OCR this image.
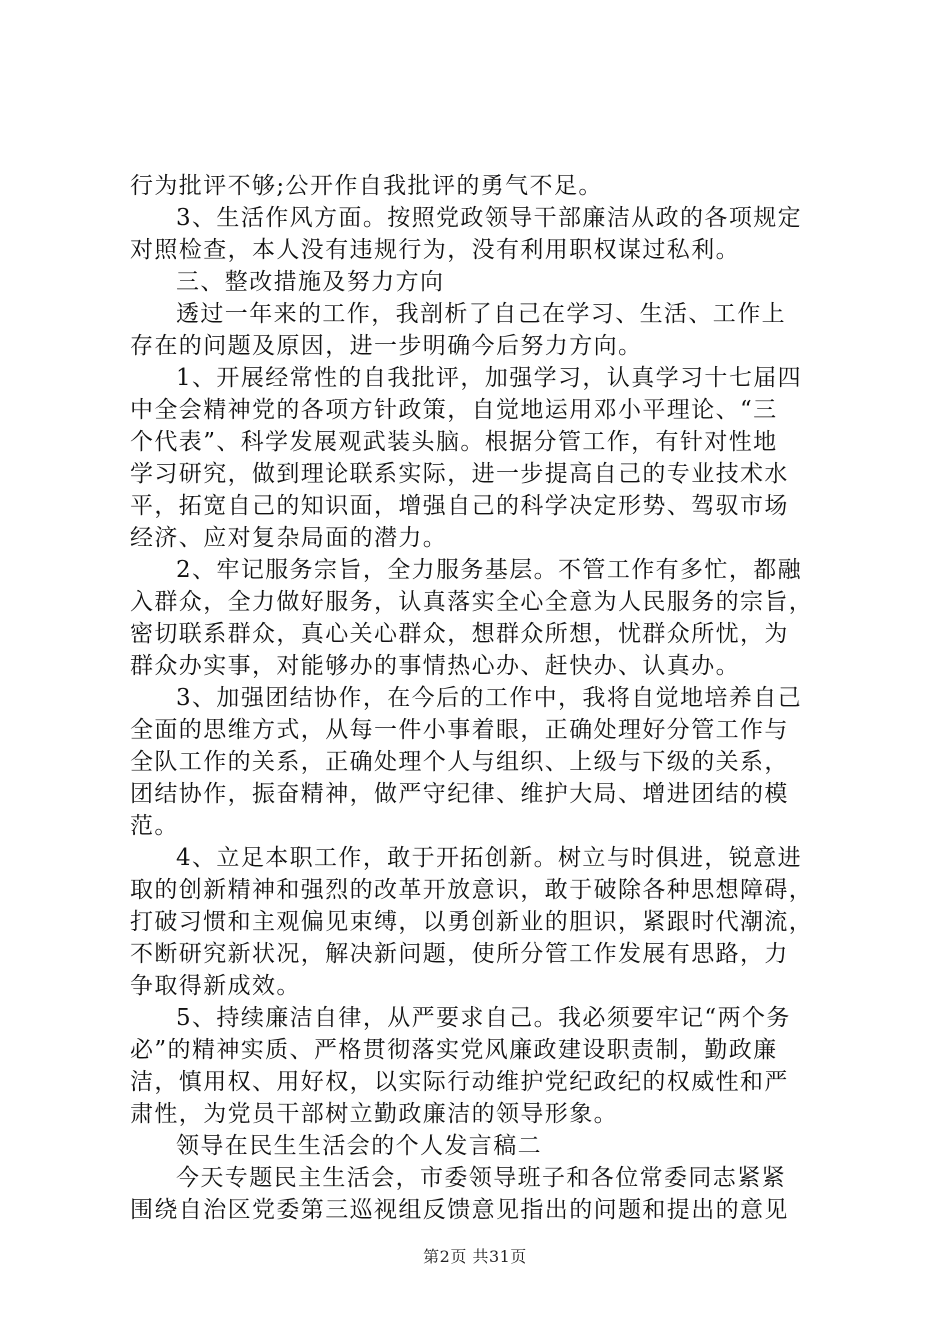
行为批评不够;公开作自我批评的勇气不足。
3、生活作风方面。按照党政领导干部廉洁从政的各项规定
对照检查，本人没有违规行为，没有利用职权谋过私利。
三、整改措施及努力方向
透过一年来的工作，我剖析了自己在学习、生活、工作上
存在的问题及原因，进一步明确今后努力方向。
1、开展经常性的自我批评，加强学习，认真学习十七届四
中全会精神党的各项方针政策，自觉地运用邓小平理论、“三
个代表”、科学发展观武装头脑。根据分管工作，有针对性地
学习研究，做到理论联系实际，进一步提高自己的专业技术水
平，拓宽自己的知识面，增强自己的科学决定形势、驾驭市场
经济、应对复杂局面的潜力。
2、牢记服务宗旨，全力服务基层。不管工作有多忙，都融
入群众，全力做好服务，认真落实全心全意为人民服务的宗旨，
密切联系群众，真心关心群众，想群众所想，忧群众所忧，为
群众办实事，对能够办的事情热心办、赶快办、认真办。
3、加强团结协作，在今后的工作中，我将自觉地培养自己
全面的思维方式，从每一件小事着眼，正确处理好分管工作与
全队工作的关系，正确处理个人与组织、上级与下级的关系，
团结协作，振奋精神，做严守纪律、维护大局、增进团结的模
范。
4、立足本职工作，敢于开拓创新。树立与时俱进，锐意进
取的创新精神和强烈的改革开放意识，敢于破除各种思想障碍，
打破习惯和主观偏见束缚，以勇创新业的胆识，紧跟时代潮流，
不断研究新状况，解决新问题，使所分管工作发展有思路，力
争取得新成效。
5、持续廉洁自律，从严要求自己。我必须要牢记“两个务
必”的精神实质、严格贯彻落实党风廉政建设职责制，勤政廉
洁，慎用权、用好权，以实际行动维护党纪政纪的权威性和严
肃性，为党员干部树立勤政廉洁的领导形象。
领导在民生生活会的个人发言稿二
今天专题民主生活会，市委领导班子和各位常委同志紧紧
围绕自治区党委第三巡视组反馈意见指出的问题和提出的意见
第2页 共31页
